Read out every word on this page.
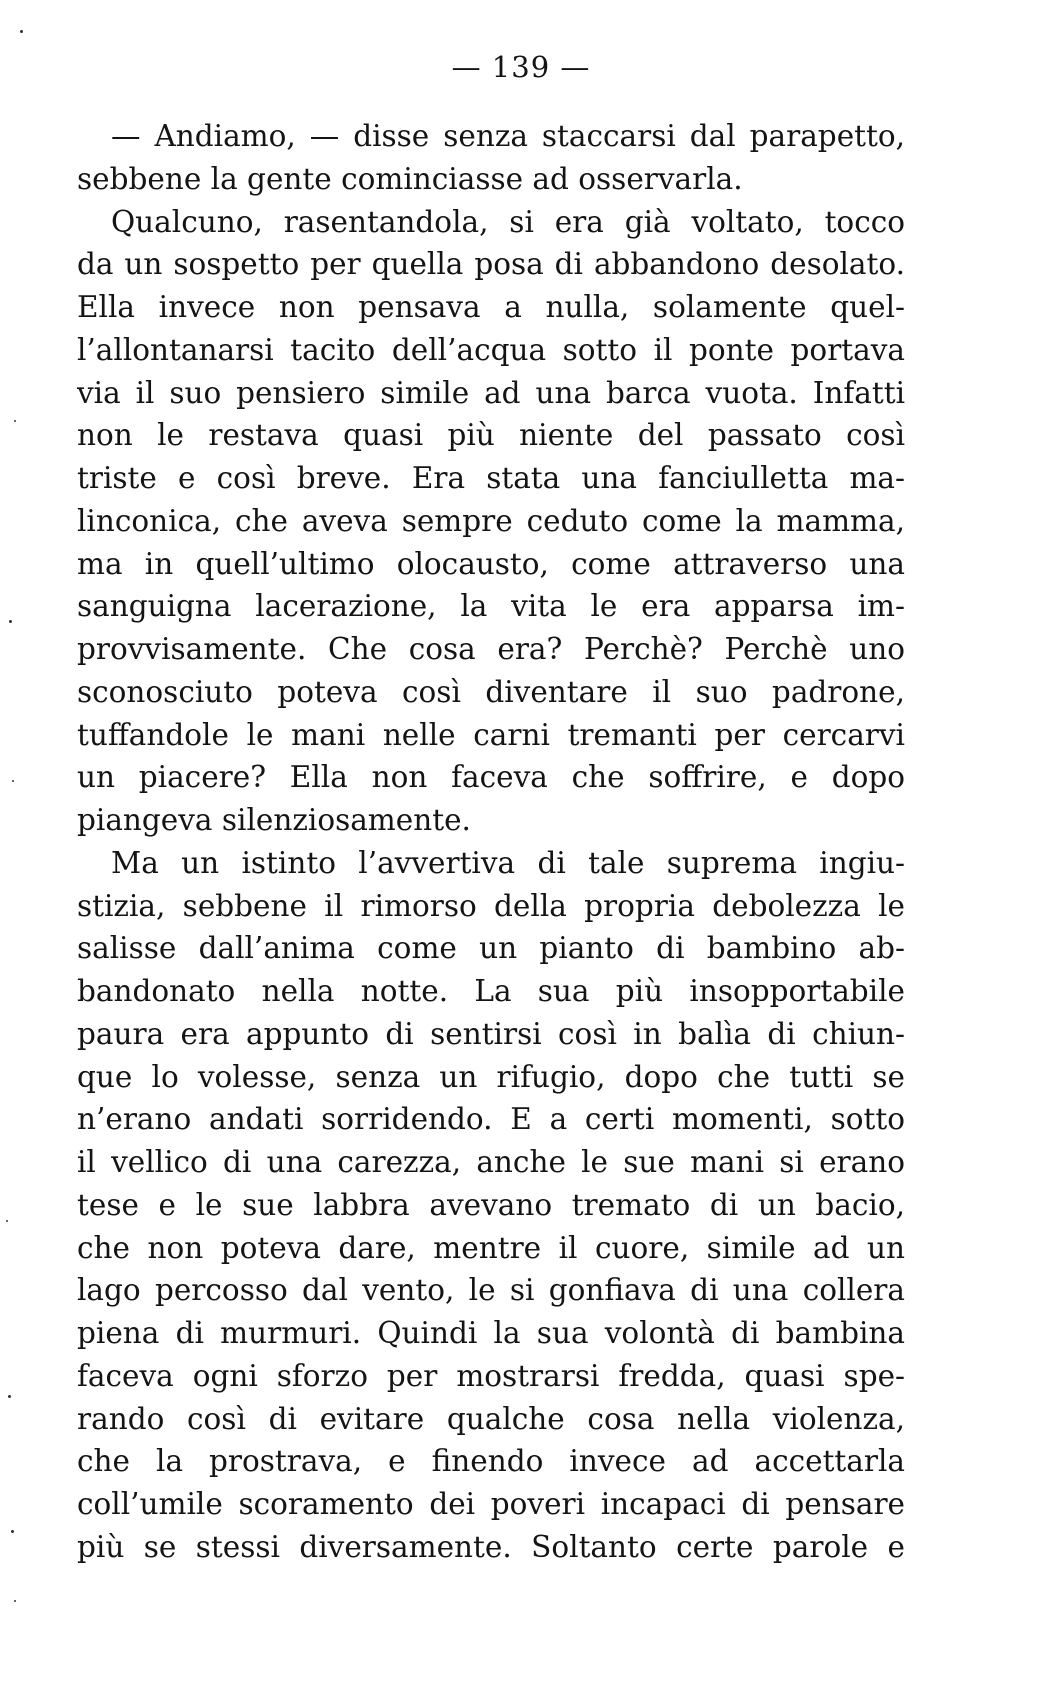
— 139 —
— Andiamo, — disse senza staccarsi dal parapetto,
sebbene la gente cominciasse ad osservarla.
Qualcuno, rasentandola, si era già voltato, tocco
da un sospetto per quella posa di abbandono desolato.
Ella invece non pensava a nulla, solamente quel-
l’allontanarsi tacito dell’acqua sotto il ponte portava
via il suo pensiero simile ad una barca vuota. Infatti
non le restava quasi più niente del passato così
triste e così breve. Era stata una fanciulletta ma-
linconica, che aveva sempre ceduto come la mamma,
ma in quell’ultimo olocausto, come attraverso una
sanguigna lacerazione, la vita le era apparsa im-
provvisamente. Che cosa era? Perchè? Perchè uno
sconosciuto poteva così diventare il suo padrone,
tuffandole le mani nelle carni tremanti per cercarvi
un piacere? Ella non faceva che soffrire, e dopo
piangeva silenziosamente.
Ma un istinto l’avvertiva di tale suprema ingiu-
stizia, sebbene il rimorso della propria debolezza le
salisse dall’anima come un pianto di bambino ab-
bandonato nella notte. La sua più insopportabile
paura era appunto di sentirsi così in balìa di chiun-
que lo volesse, senza un rifugio, dopo che tutti se
n’erano andati sorridendo. E a certi momenti, sotto
il vellico di una carezza, anche le sue mani si erano
tese e le sue labbra avevano tremato di un bacio,
che non poteva dare, mentre il cuore, simile ad un
lago percosso dal vento, le si gonfiava di una collera
piena di murmuri. Quindi la sua volontà di bambina
faceva ogni sforzo per mostrarsi fredda, quasi spe-
rando così di evitare qualche cosa nella violenza,
che la prostrava, e finendo invece ad accettarla
coll’umile scoramento dei poveri incapaci di pensare
più se stessi diversamente. Soltanto certe parole e
